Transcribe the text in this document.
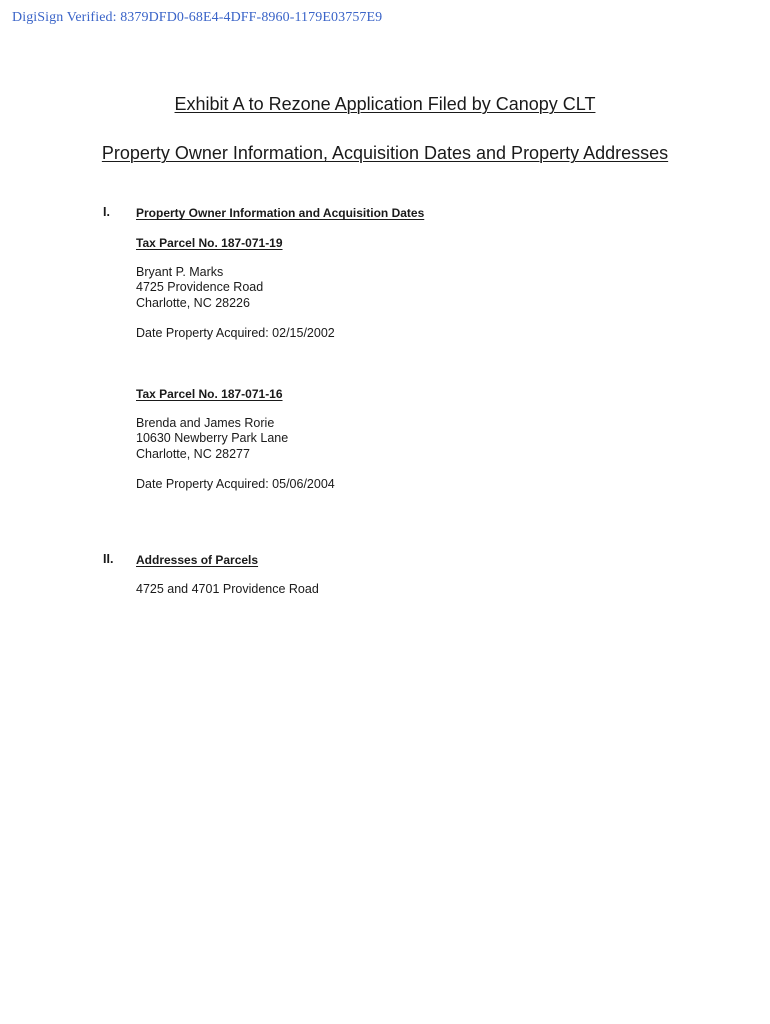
DigiSign Verified: 8379DFD0-68E4-4DFF-8960-1179E03757E9
Exhibit A to Rezone Application Filed by Canopy CLT
Property Owner Information, Acquisition Dates and Property Addresses
I. Property Owner Information and Acquisition Dates
Tax Parcel No. 187-071-19
Bryant P. Marks
4725 Providence Road
Charlotte, NC 28226
Date Property Acquired: 02/15/2002
Tax Parcel No. 187-071-16
Brenda and James Rorie
10630 Newberry Park Lane
Charlotte, NC 28277
Date Property Acquired: 05/06/2004
II. Addresses of Parcels
4725 and 4701 Providence Road
